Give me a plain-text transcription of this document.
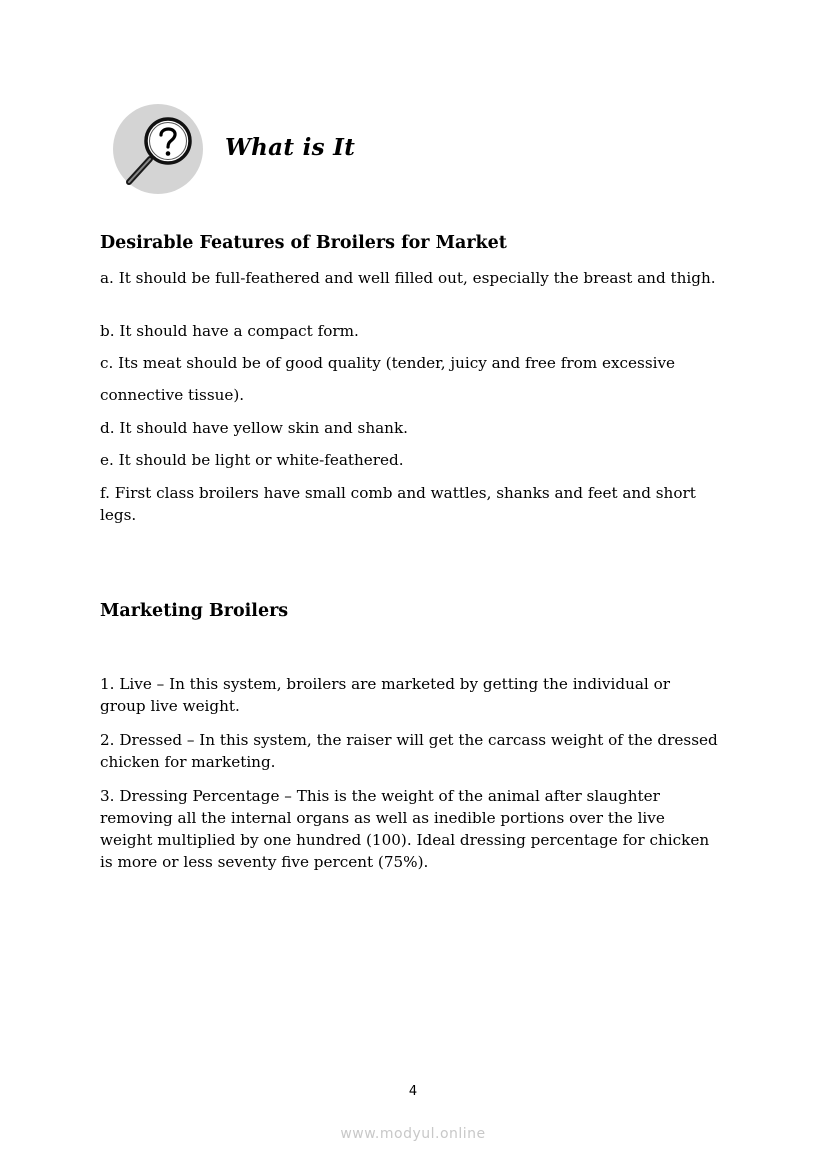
What is It
Desirable Features of Broilers for Market

a. It should be full-feathered and well filled out, especially the breast and thigh.

b. It should have a compact form.

c. Its meat should be of good quality (tender, juicy and free from excessive

connective tissue).

d. It should have yellow skin and shank.

e. It should be light or white-feathered.

f. First class broilers have small comb and wattles, shanks and feet and short legs.

Marketing Broilers

1. Live – In this system, broilers are marketed by getting the individual or group live weight.

2. Dressed – In this system, the raiser will get the carcass weight of the dressed chicken for marketing.

3. Dressing Percentage – This is the weight of the animal after slaughter removing all the internal organs as well as inedible portions over the live weight multiplied by one hundred (100). Ideal dressing percentage for chicken is more or less seventy five percent (75%).

4
www.modyul.online
